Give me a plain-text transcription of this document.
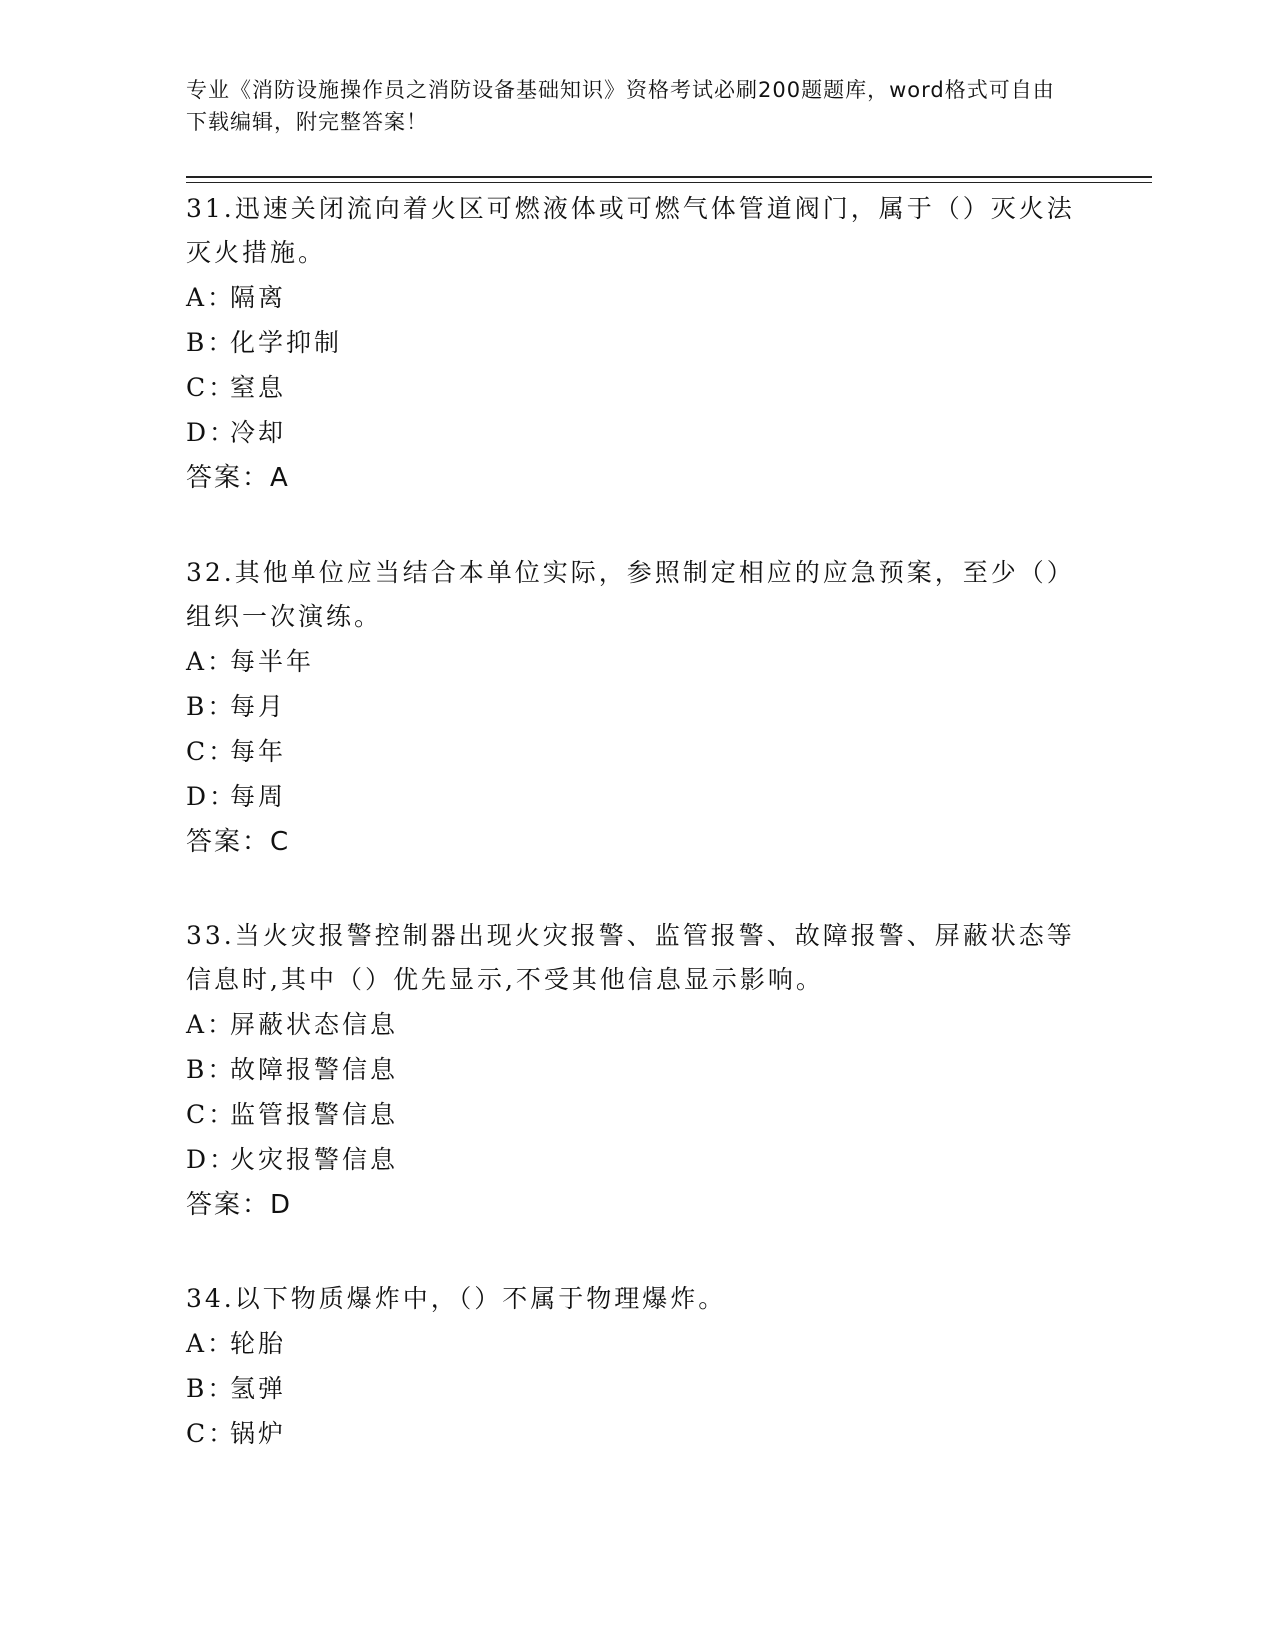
专业《消防设施操作员之消防设备基础知识》资格考试必刷200题题库，word格式可自由下载编辑，附完整答案！

31.迅速关闭流向着火区可燃液体或可燃气体管道阀门，属于（）灭火法灭火措施。

A：隔离

B：化学抑制

C：窒息

D：冷却

答案：A

32.其他单位应当结合本单位实际，参照制定相应的应急预案，至少（）组织一次演练。

A：每半年

B：每月

C：每年

D：每周

答案：C

33.当火灾报警控制器出现火灾报警、监管报警、故障报警、屏蔽状态等信息时,其中（）优先显示,不受其他信息显示影响。

A：屏蔽状态信息

B：故障报警信息

C：监管报警信息

D：火灾报警信息

答案：D

34.以下物质爆炸中，（）不属于物理爆炸。

A：轮胎

B：氢弹

C：锅炉
